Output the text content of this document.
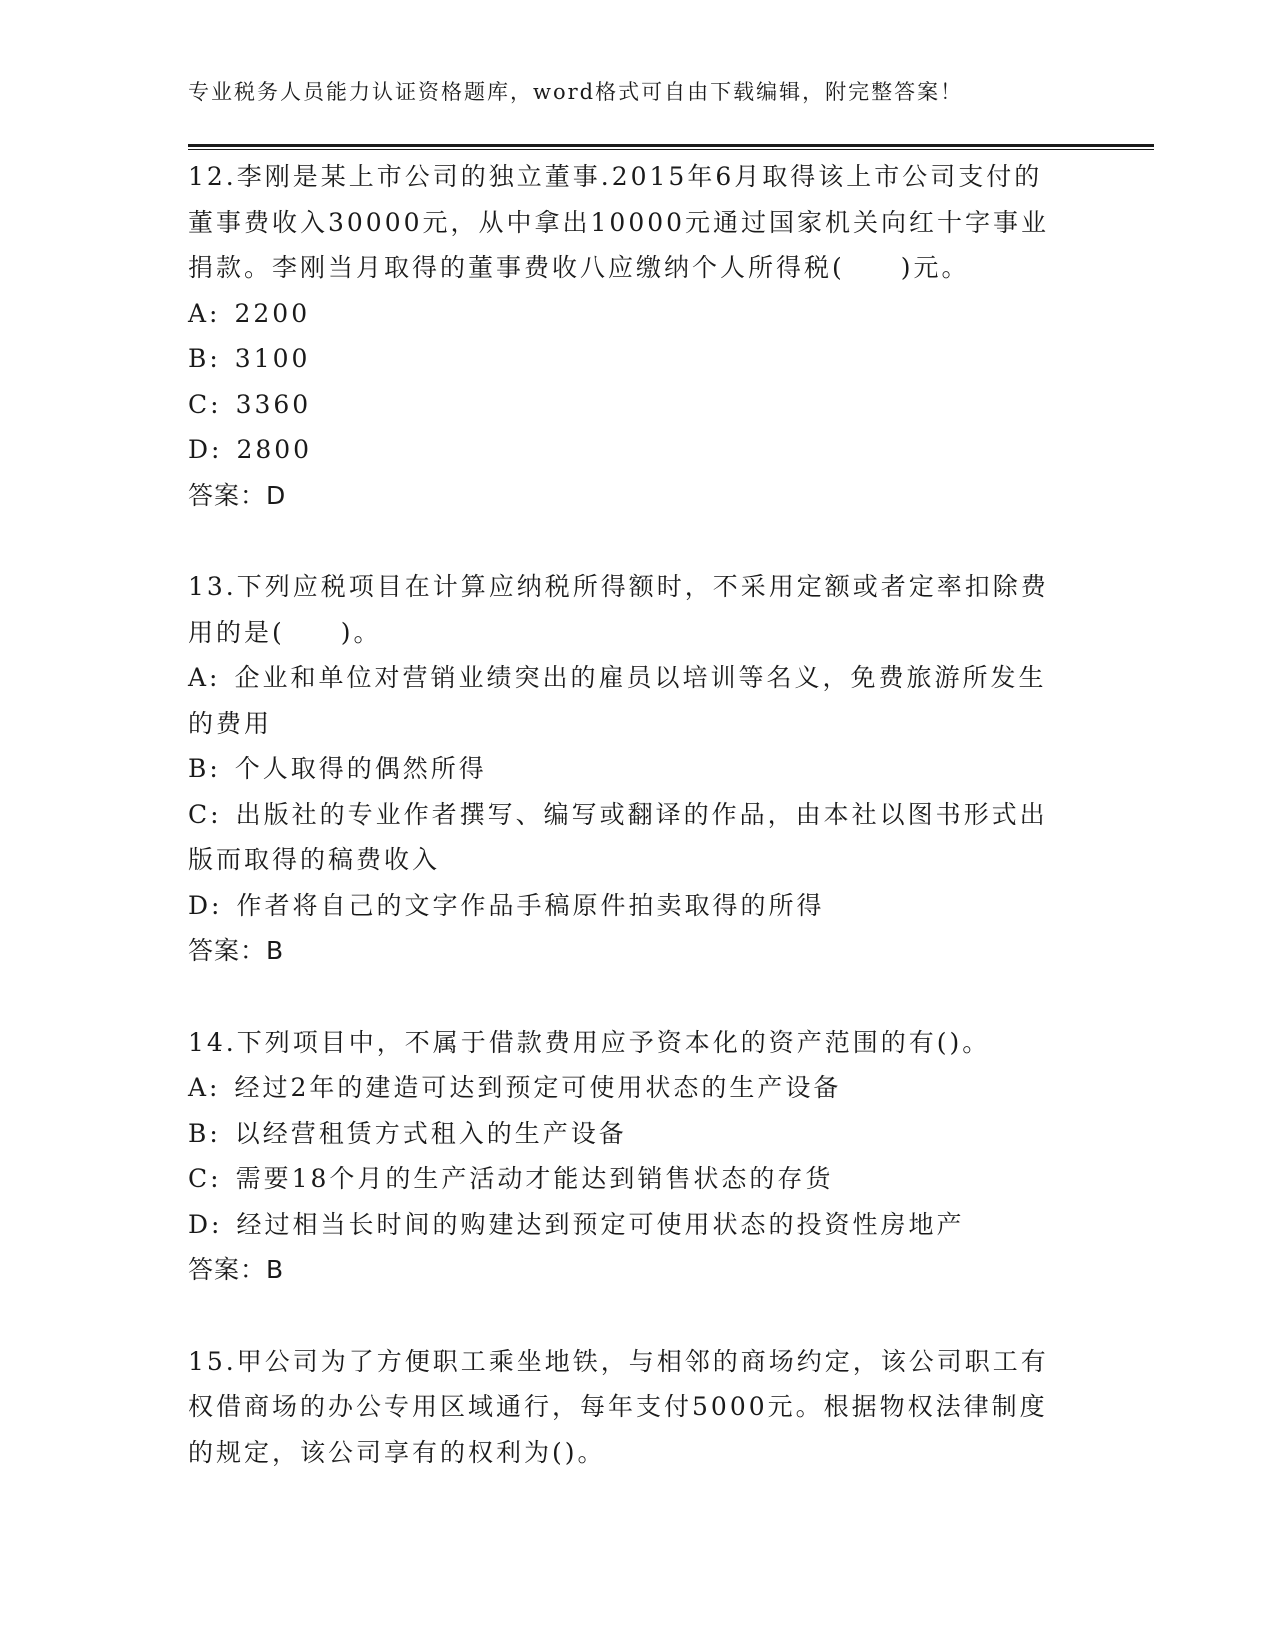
专业税务人员能力认证资格题库，word格式可自由下载编辑，附完整答案！

12.李刚是某上市公司的独立董事.2015年6月取得该上市公司支付的

董事费收入30000元，从中拿出10000元通过国家机关向红十字事业

捐款。李刚当月取得的董事费收八应缴纳个人所得税(　　)元。

A: 2200

B: 3100

C: 3360

D: 2800

答案：D

13.下列应税项目在计算应纳税所得额时，不采用定额或者定率扣除费

用的是(　　)。

A: 企业和单位对营销业绩突出的雇员以培训等名义，免费旅游所发生

的费用

B: 个人取得的偶然所得

C: 出版社的专业作者撰写、编写或翻译的作品，由本社以图书形式出

版而取得的稿费收入

D: 作者将自己的文字作品手稿原件拍卖取得的所得

答案：B

14.下列项目中，不属于借款费用应予资本化的资产范围的有()。

A: 经过2年的建造可达到预定可使用状态的生产设备

B: 以经营租赁方式租入的生产设备

C: 需要18个月的生产活动才能达到销售状态的存货

D: 经过相当长时间的购建达到预定可使用状态的投资性房地产

答案：B

15.甲公司为了方便职工乘坐地铁，与相邻的商场约定，该公司职工有

权借商场的办公专用区域通行，每年支付5000元。根据物权法律制度

的规定，该公司享有的权利为()。
